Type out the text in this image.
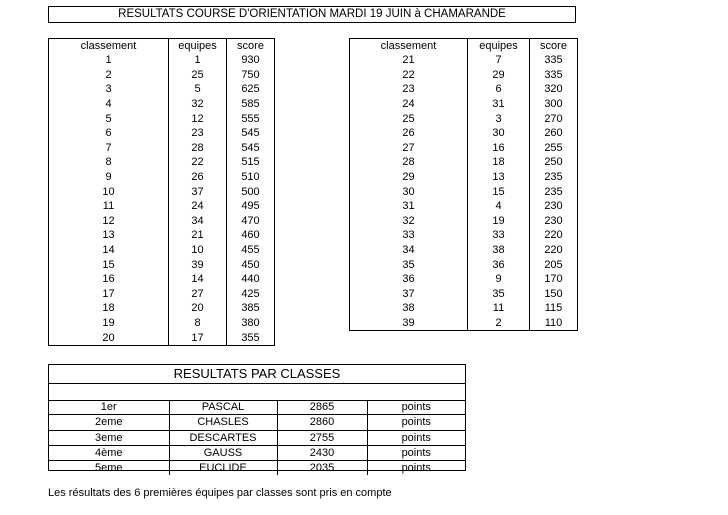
RESULTATS COURSE D'ORIENTATION MARDI 19 JUIN à CHAMARANDE
classement	equipes	score
1	1	930
2	25	750
3	5	625
4	32	585
5	12	555
6	23	545
7	28	545
8	22	515
9	26	510
10	37	500
11	24	495
12	34	470
13	21	460
14	10	455
15	39	450
16	14	440
17	27	425
18	20	385
19	8	380
20	17	355
classement	equipes	score
21	7	335
22	29	335
23	6	320
24	31	300
25	3	270
26	30	260
27	16	255
28	18	250
29	13	235
30	15	235
31	4	230
32	19	230
33	33	220
34	38	220
35	36	205
36	9	170
37	35	150
38	11	115
39	2	110
RESULTATS PAR CLASSES
1er	PASCAL	2865	points
2eme	CHASLES	2860	points
3eme	DESCARTES	2755	points
4ème	GAUSS	2430	points
5eme	EUCLIDE	2035	points
Les résultats des 6 premières équipes par classes sont pris en compte
